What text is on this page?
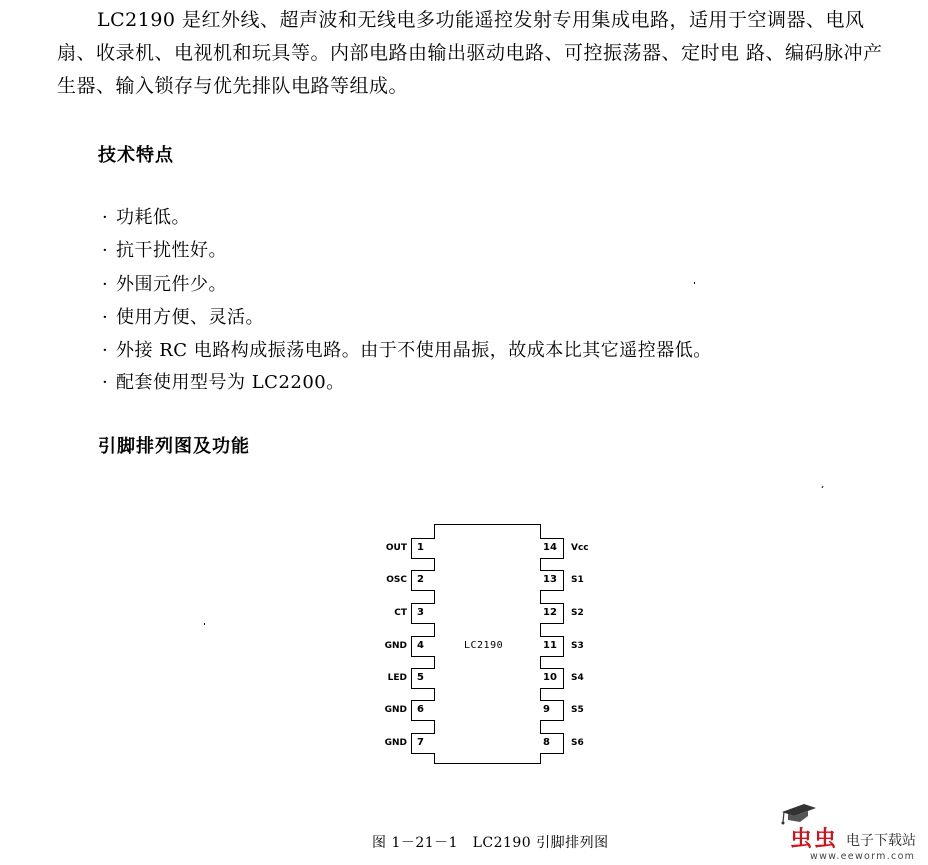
LC2190 是红外线、超声波和无线电多功能遥控发射专用集成电路，适用于空调器、电风
扇、收录机、电视机和玩具等。内部电路由输出驱动电路、可控振荡器、定时电 路、编码脉冲产
生器、输入锁存与优先排队电路等组成。
技术特点
· 功耗低。
· 抗干扰性好。
· 外围元件少。
· 使用方便、灵活。
· 外接 RC 电路构成振荡电路。由于不使用晶振，故成本比其它遥控器低。
· 配套使用型号为 LC2200。
引脚排列图及功能
LC2190
OUT	1
OSC	2
CT	3
GND	4
LED	5
GND	6
GND	7
14	Vcc
13	S1
12	S2
11	S3
10	S4
9	S5
8	S6
图 1－21－1　LC2190 引脚排列图	虫虫 电子下载站
www.eeworm.com
